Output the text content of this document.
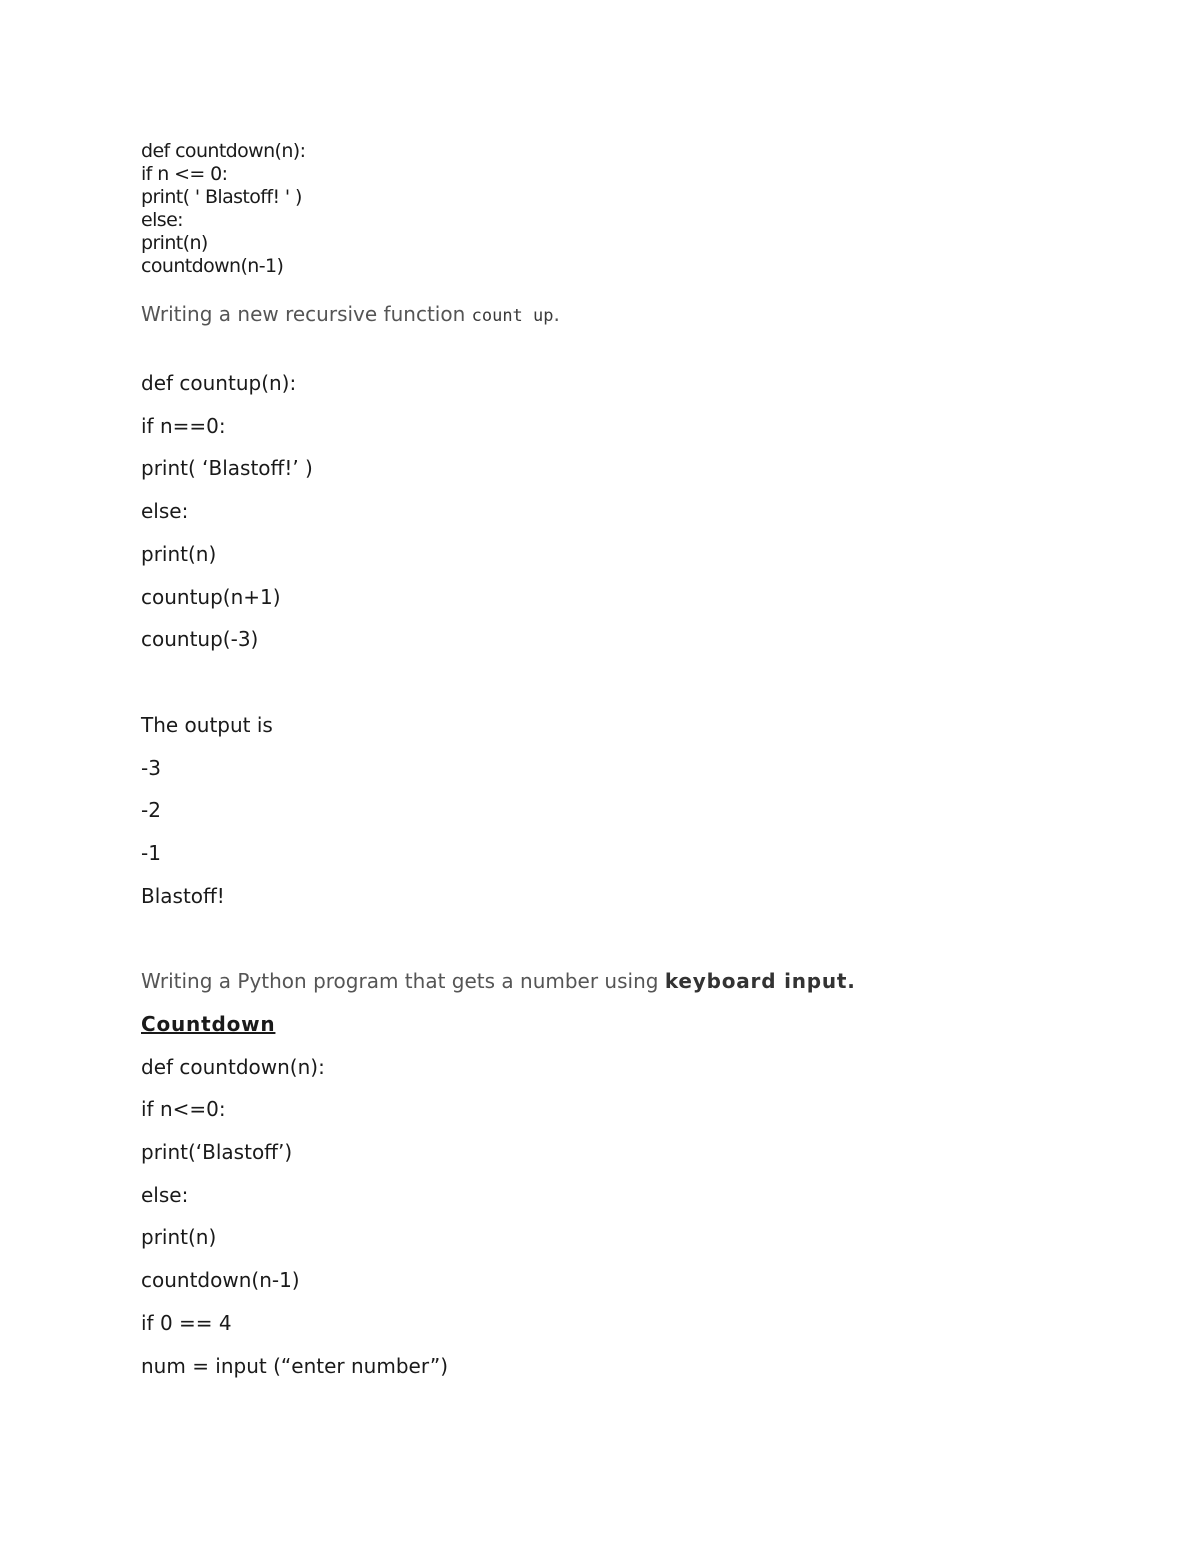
def countdown(n):
if n <= 0:
print( ' Blastoff! ' )
else:
print(n)
countdown(n-1)
Writing a new recursive function count up.
def countup(n):
if n==0:
print( ‘Blastoff!’ )
else:
print(n)
countup(n+1)
countup(-3)
The output is
-3
-2
-1
Blastoff!
Writing a Python program that gets a number using keyboard input.
Countdown
def countdown(n):
if n<=0:
print(‘Blastoff’)
else:
print(n)
countdown(n-1)
if 0 == 4
num = input (“enter number”)
